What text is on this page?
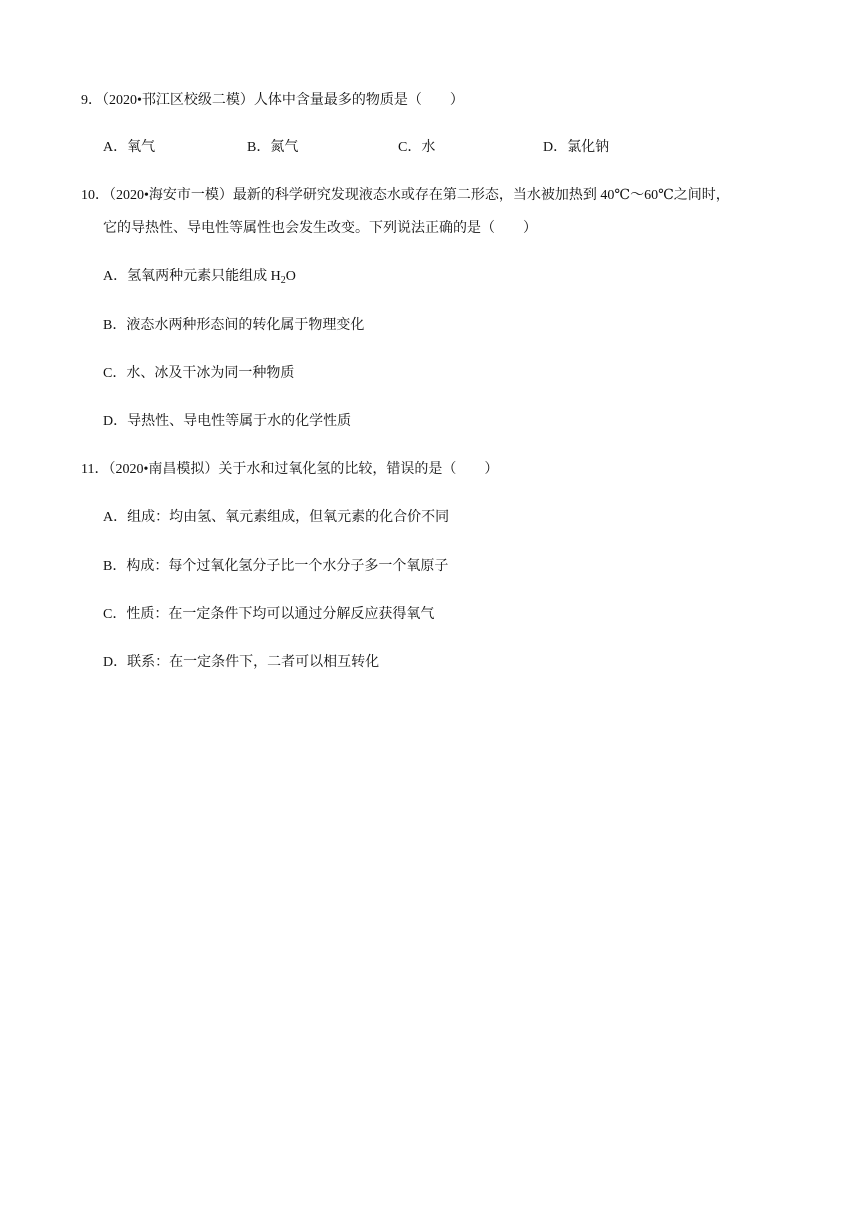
9．（2020•邗江区校级二模）人体中含量最多的物质是（　　）
A．氧气	B．氮气	C．水	D．氯化钠
10．（2020•海安市一模）最新的科学研究发现液态水或存在第二形态，当水被加热到 40℃～60℃之间时，
它的导热性、导电性等属性也会发生改变。下列说法正确的是（　　）
A．氢氧两种元素只能组成 $H_2O$
B．液态水两种形态间的转化属于物理变化
C．水、冰及干冰为同一种物质
D．导热性、导电性等属于水的化学性质
11．（2020•南昌模拟）关于水和过氧化氢的比较，错误的是（　　）
A．组成：均由氢、氧元素组成，但氧元素的化合价不同
B．构成：每个过氧化氢分子比一个水分子多一个氧原子
C．性质：在一定条件下均可以通过分解反应获得氧气
D．联系：在一定条件下，二者可以相互转化
